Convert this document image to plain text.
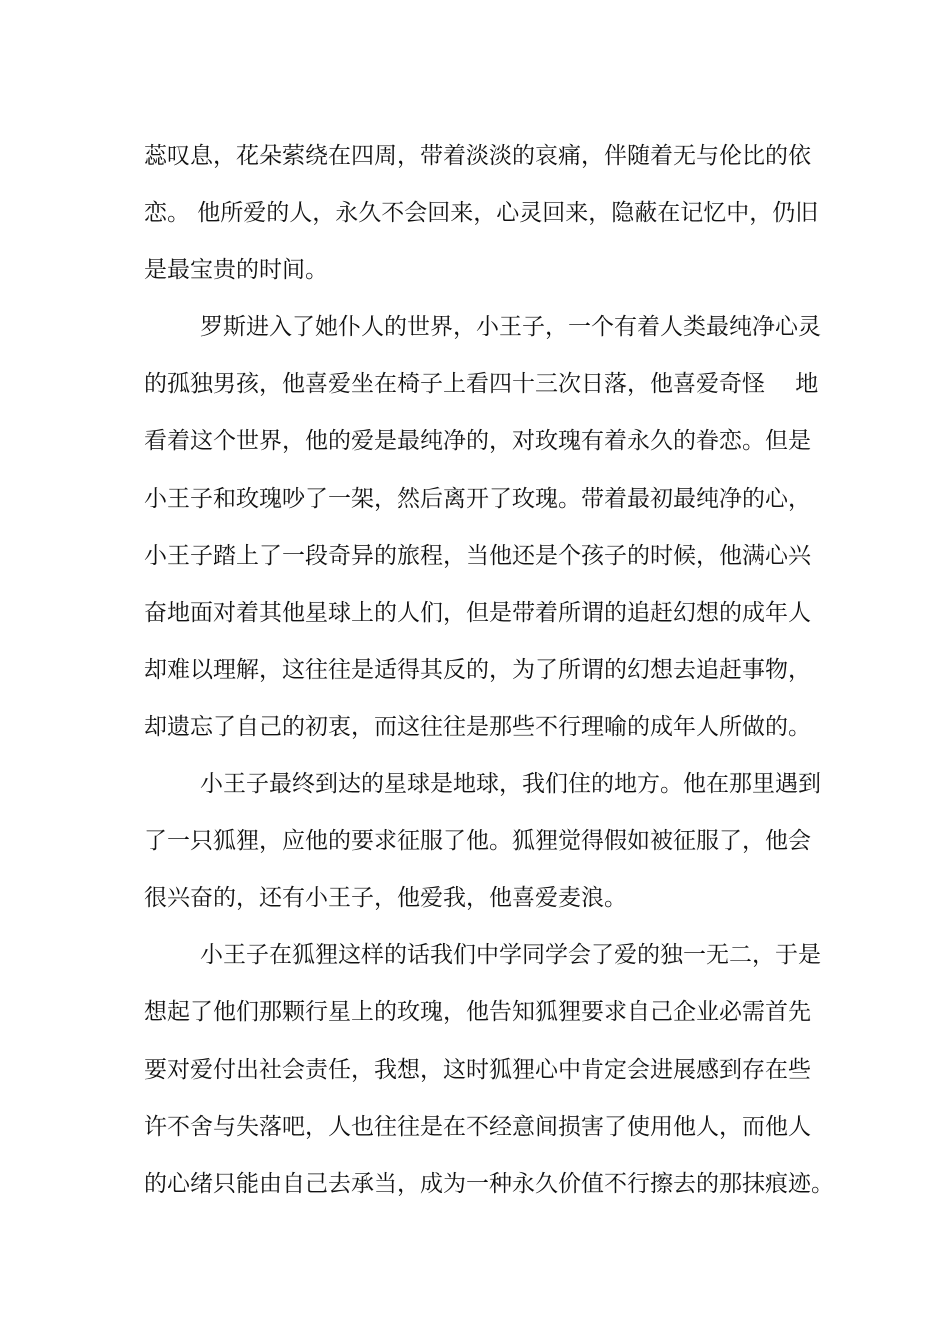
蕊叹息，花朵萦绕在四周，带着淡淡的哀痛，伴随着无与伦比的依
恋。 他所爱的人，永久不会回来，心灵回来，隐蔽在记忆中，仍旧
是最宝贵的时间。
罗斯进入了她仆人的世界，小王子，一个有着人类最纯净心灵
的孤独男孩，他喜爱坐在椅子上看四十三次日落，他喜爱奇怪　 地
看着这个世界，他的爱是最纯净的，对玫瑰有着永久的眷恋。但是
小王子和玫瑰吵了一架，然后离开了玫瑰。带着最初最纯净的心，
小王子踏上了一段奇异的旅程，当他还是个孩子的时候，他满心兴
奋地面对着其他星球上的人们，但是带着所谓的追赶幻想的成年人
却难以理解，这往往是适得其反的，为了所谓的幻想去追赶事物，
却遗忘了自己的初衷，而这往往是那些不行理喻的成年人所做的。
小王子最终到达的星球是地球，我们住的地方。他在那里遇到
了一只狐狸，应他的要求征服了他。狐狸觉得假如被征服了，他会
很兴奋的，还有小王子，他爱我，他喜爱麦浪。
小王子在狐狸这样的话我们中学同学会了爱的独一无二，于是
想起了他们那颗行星上的玫瑰，他告知狐狸要求自己企业必需首先
要对爱付出社会责任，我想，这时狐狸心中肯定会进展感到存在些
许不舍与失落吧，人也往往是在不经意间损害了使用他人，而他人
的心绪只能由自己去承当，成为一种永久价值不行擦去的那抹痕迹。
